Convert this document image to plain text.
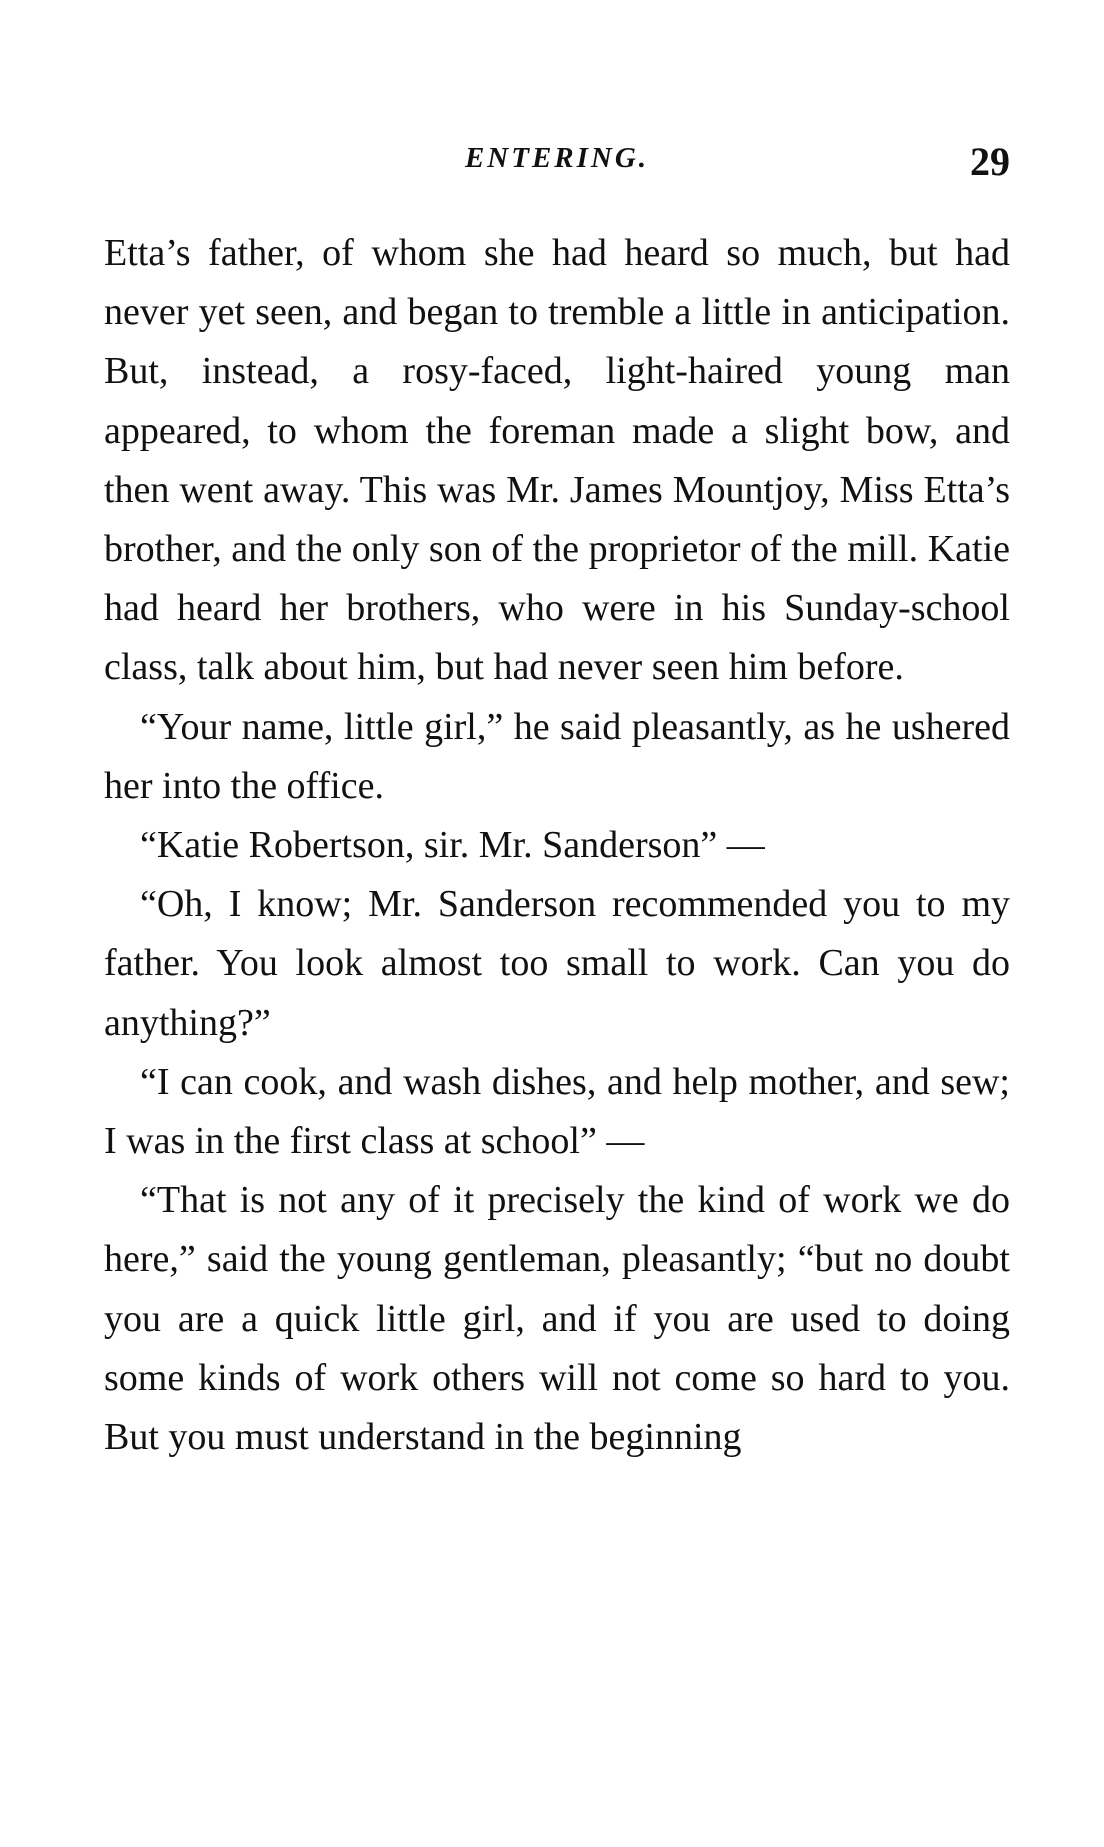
ENTERING.	29

Etta’s father, of whom she had heard so much, but had never yet seen, and began to tremble a little in anticipation. But, instead, a rosy-faced, light-haired young man appeared, to whom the foreman made a slight bow, and then went away. This was Mr. James Mountjoy, Miss Etta’s brother, and the only son of the proprietor of the mill. Katie had heard her brothers, who were in his Sunday-school class, talk about him, but had never seen him before.

“Your name, little girl,” he said pleasantly, as he ushered her into the office.

“Katie Robertson, sir. Mr. Sanderson” —

“Oh, I know; Mr. Sanderson recommended you to my father. You look almost too small to work. Can you do anything?”

“I can cook, and wash dishes, and help mother, and sew; I was in the first class at school” —

“That is not any of it precisely the kind of work we do here,” said the young gentleman, pleasantly; “but no doubt you are a quick little girl, and if you are used to doing some kinds of work others will not come so hard to you. But you must understand in the beginning
